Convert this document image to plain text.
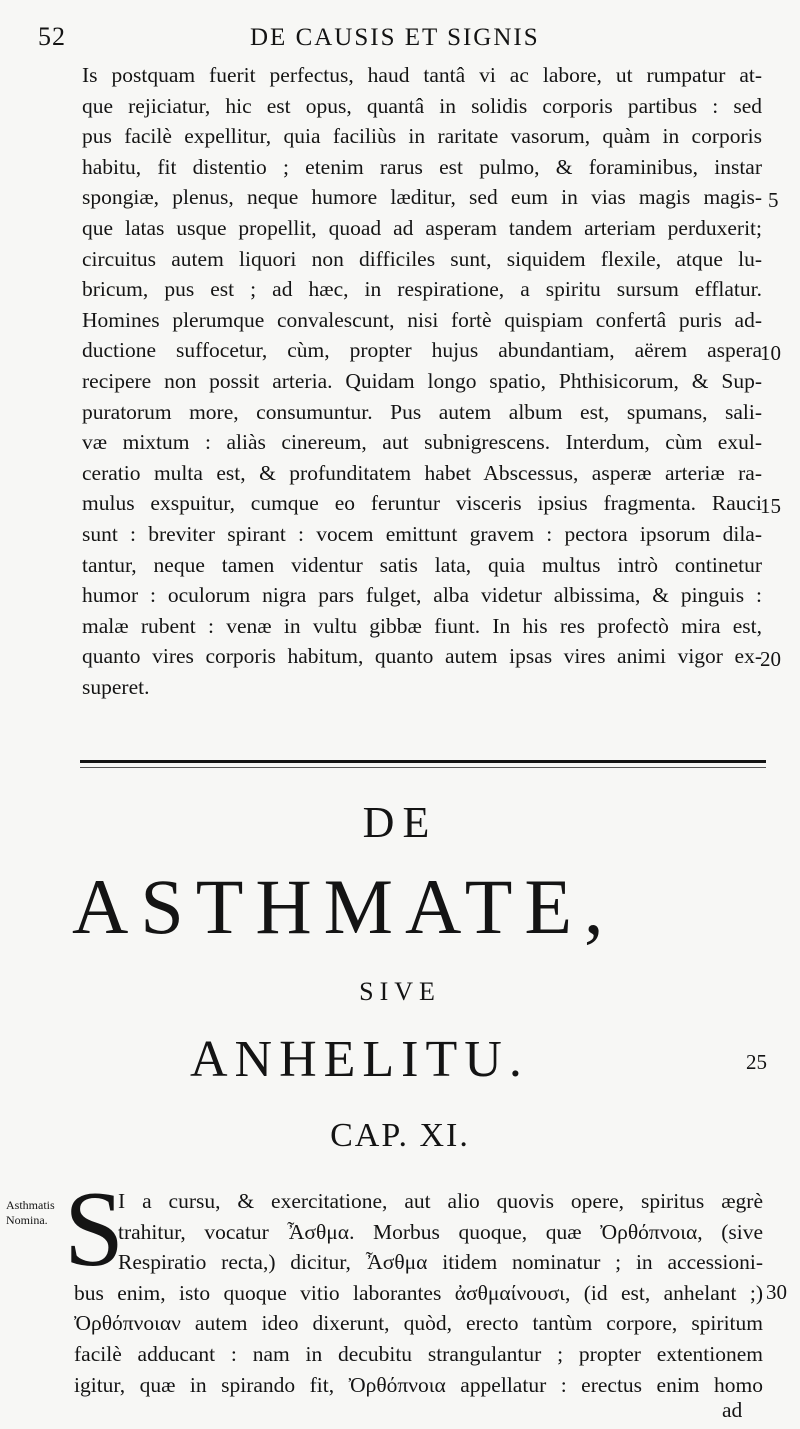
52	DE CAUSIS ET SIGNIS
Is postquam fuerit perfectus, haud tantâ vi ac labore, ut rumpatur at-
que rejiciatur, hic est opus, quantâ in solidis corporis partibus : sed
pus facilè expellitur, quia faciliùs in raritate vasorum, quàm in corporis
habitu, fit distentio ; etenim rarus est pulmo, & foraminibus, instar
spongiæ, plenus, neque humore læditur, sed eum in vias magis magis-
que latas usque propellit, quoad ad asperam tandem arteriam perduxerit;
circuitus autem liquori non difficiles sunt, siquidem flexile, atque lu-
bricum, pus est ; ad hæc, in respiratione, a spiritu sursum efflatur.
Homines plerumque convalescunt, nisi fortè quispiam confertâ puris ad-
ductione suffocetur, cùm, propter hujus abundantiam, aërem aspera
recipere non possit arteria. Quidam longo spatio, Phthisicorum, & Sup-
puratorum more, consumuntur. Pus autem album est, spumans, sali-
væ mixtum : aliàs cinereum, aut subnigrescens. Interdum, cùm exul-
ceratio multa est, & profunditatem habet Abscessus, asperæ arteriæ ra-
mulus exspuitur, cumque eo feruntur visceris ipsius fragmenta. Rauci
sunt : breviter spirant : vocem emittunt gravem : pectora ipsorum dila-
tantur, neque tamen videntur satis lata, quia multus intrò continetur
humor : oculorum nigra pars fulget, alba videtur albissima, & pinguis :
malæ rubent : venæ in vultu gibbæ fiunt. In his res profectò mira est,
quanto vires corporis habitum, quanto autem ipsas vires animi vigor ex-
superet.
5
10
15
20
DE
ASTHMATE,
SIVE
ANHELITU.	25
CAP. XI.
Asthmatis Nomina. S
I a cursu, & exercitatione, aut alio quovis opere, spiritus ægrè
trahitur, vocatur Ἆσθμα. Morbus quoque, quæ Ὀρθόπνοια, (sive
Respiratio recta,) dicitur, Ἆσθμα itidem nominatur ; in accessioni-
bus enim, isto quoque vitio laborantes ἀσθμαίνουσι, (id est, anhelant ;)
Ὀρθόπνοιαν autem ideo dixerunt, quòd, erecto tantùm corpore, spiritum
facilè adducant : nam in decubitu strangulantur ; propter extentionem
igitur, quæ in spirando fit, Ὀρθόπνοια appellatur : erectus enim homo
30
ad
